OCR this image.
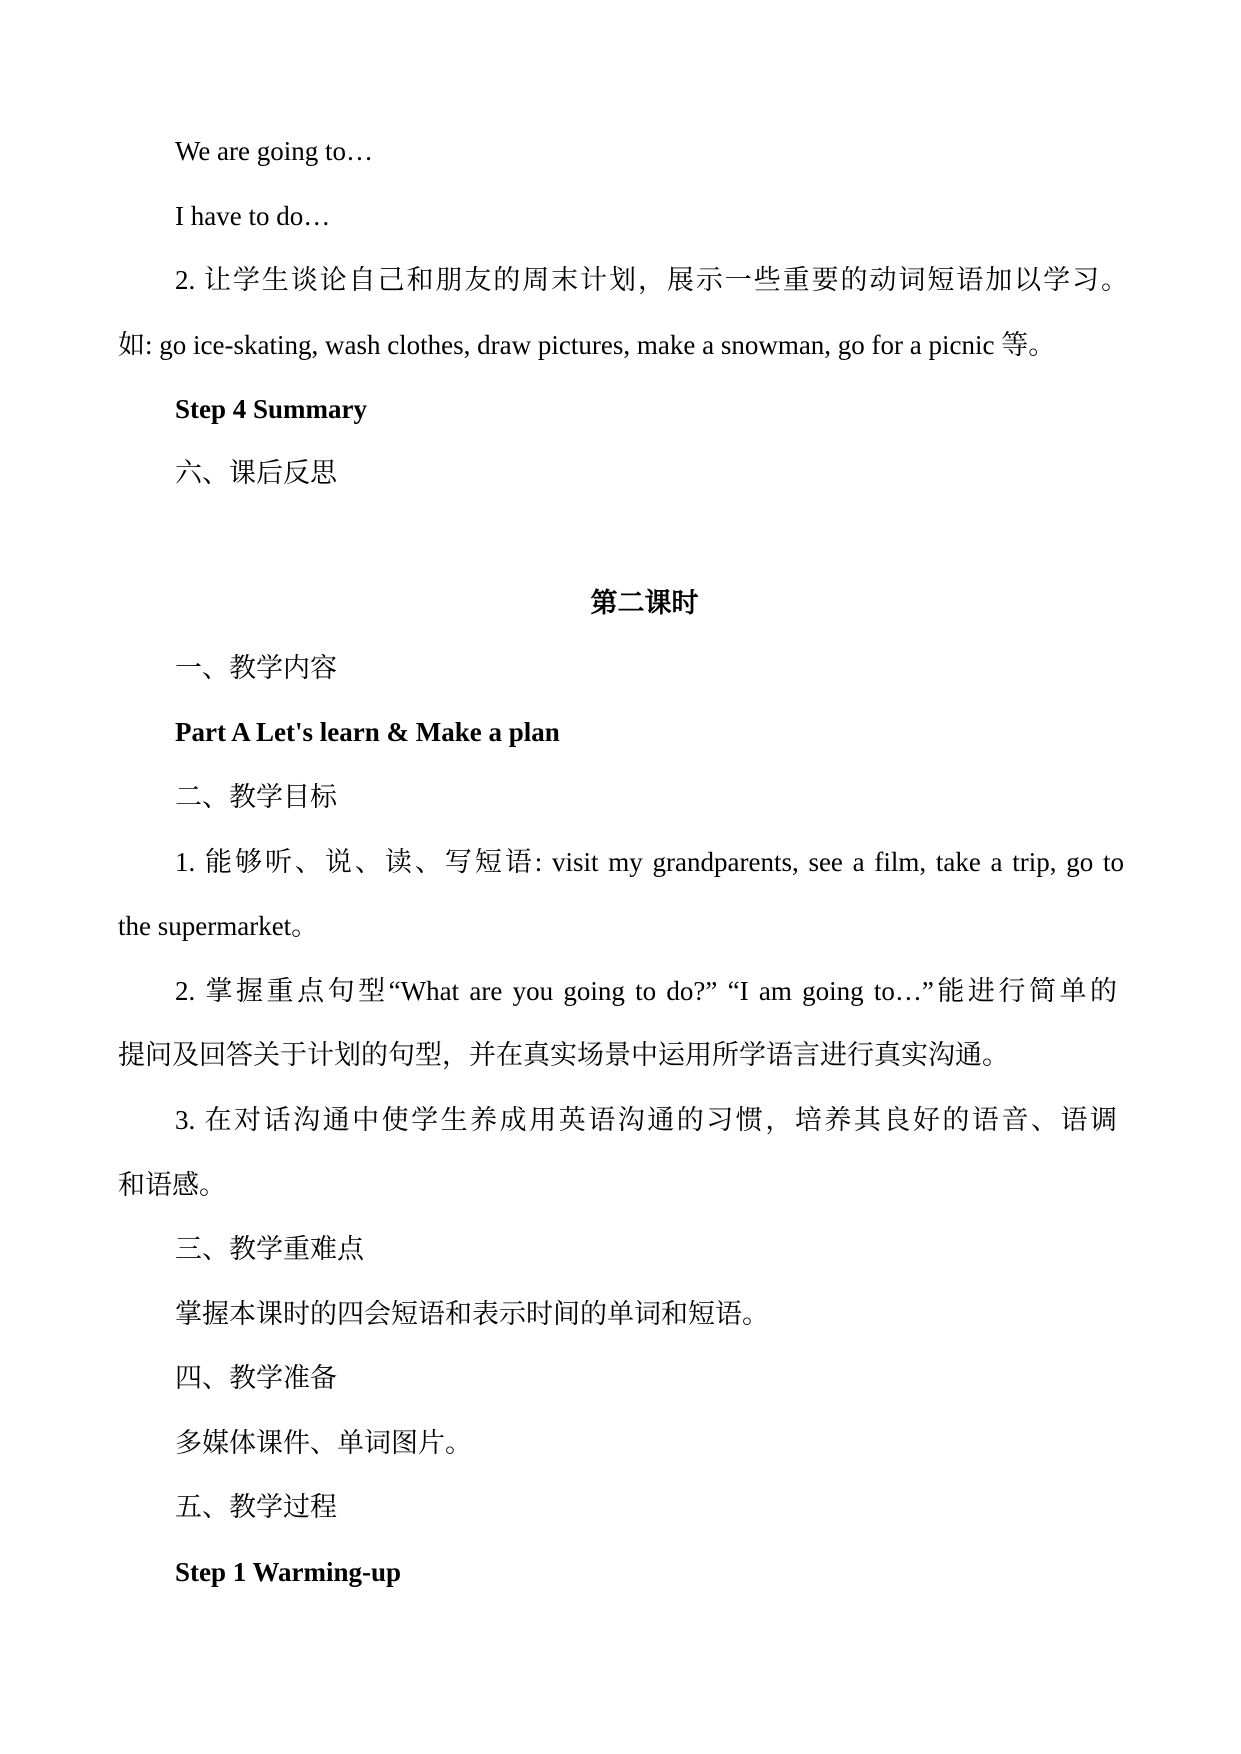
We are going to…

I have to do…

2. 让学生谈论自己和朋友的周末计划，展示一些重要的动词短语加以学习。

如: go ice-skating, wash clothes, draw pictures, make a snowman, go for a picnic 等。

Step 4 Summary

六、课后反思

第二课时

一、教学内容

Part A Let's learn & Make a plan

二、教学目标

1. 能够听、说、读、写短语: visit my grandparents, see a film, take a trip, go to

the supermarket。

2. 掌握重点句型“What are you going to do?” “I am going to…”能进行简单的

提问及回答关于计划的句型，并在真实场景中运用所学语言进行真实沟通。

3. 在对话沟通中使学生养成用英语沟通的习惯，培养其良好的语音、语调

和语感。

三、教学重难点

掌握本课时的四会短语和表示时间的单词和短语。

四、教学准备

多媒体课件、单词图片。

五、教学过程

Step 1 Warming-up
